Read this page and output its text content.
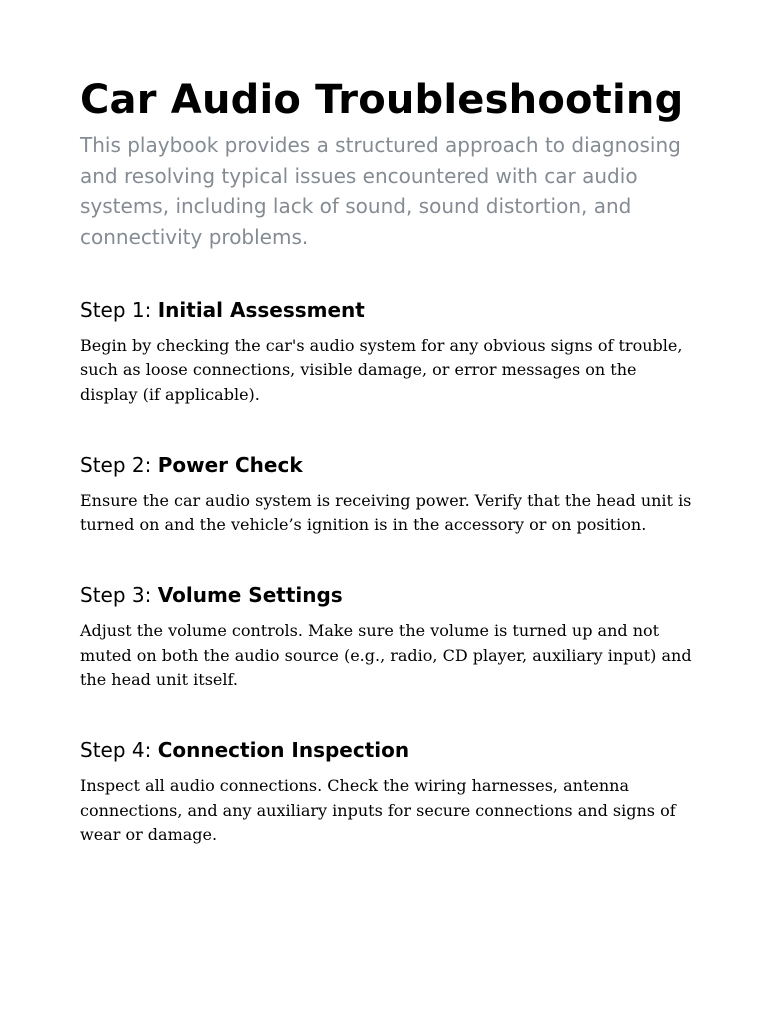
Car Audio Troubleshooting

This playbook provides a structured approach to diagnosing and resolving typical issues encountered with car audio systems, including lack of sound, sound distortion, and connectivity problems.

Step 1: Initial Assessment

Begin by checking the car's audio system for any obvious signs of trouble, such as loose connections, visible damage, or error messages on the display (if applicable).

Step 2: Power Check

Ensure the car audio system is receiving power. Verify that the head unit is turned on and the vehicle’s ignition is in the accessory or on position.

Step 3: Volume Settings

Adjust the volume controls. Make sure the volume is turned up and not muted on both the audio source (e.g., radio, CD player, auxiliary input) and the head unit itself.

Step 4: Connection Inspection

Inspect all audio connections. Check the wiring harnesses, antenna connections, and any auxiliary inputs for secure connections and signs of wear or damage.
